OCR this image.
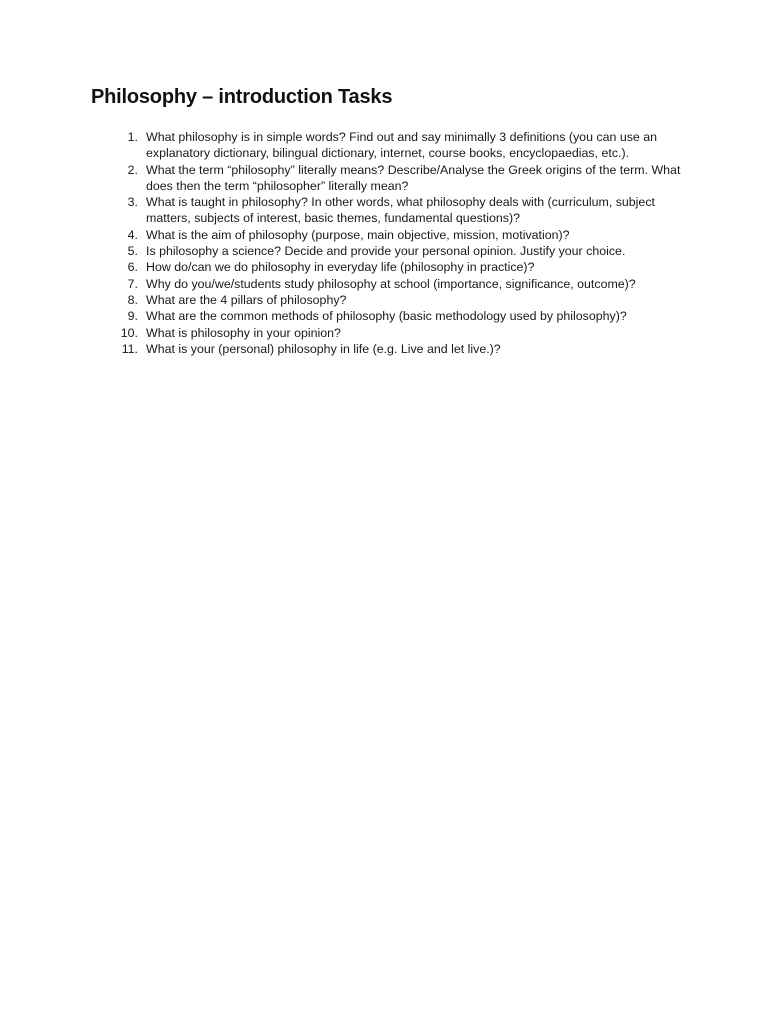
Philosophy – introduction Tasks
1. What philosophy is in simple words? Find out and say minimally 3 definitions (you can use an explanatory dictionary, bilingual dictionary, internet, course books, encyclopaedias, etc.).
2. What the term “philosophy” literally means? Describe/Analyse the Greek origins of the term. What does then the term “philosopher” literally mean?
3. What is taught in philosophy? In other words, what philosophy deals with (curriculum, subject matters, subjects of interest, basic themes, fundamental questions)?
4. What is the aim of philosophy (purpose, main objective, mission, motivation)?
5. Is philosophy a science? Decide and provide your personal opinion. Justify your choice.
6. How do/can we do philosophy in everyday life (philosophy in practice)?
7. Why do you/we/students study philosophy at school (importance, significance, outcome)?
8. What are the 4 pillars of philosophy?
9. What are the common methods of philosophy (basic methodology used by philosophy)?
10. What is philosophy in your opinion?
11. What is your (personal) philosophy in life (e.g. Live and let live.)?
